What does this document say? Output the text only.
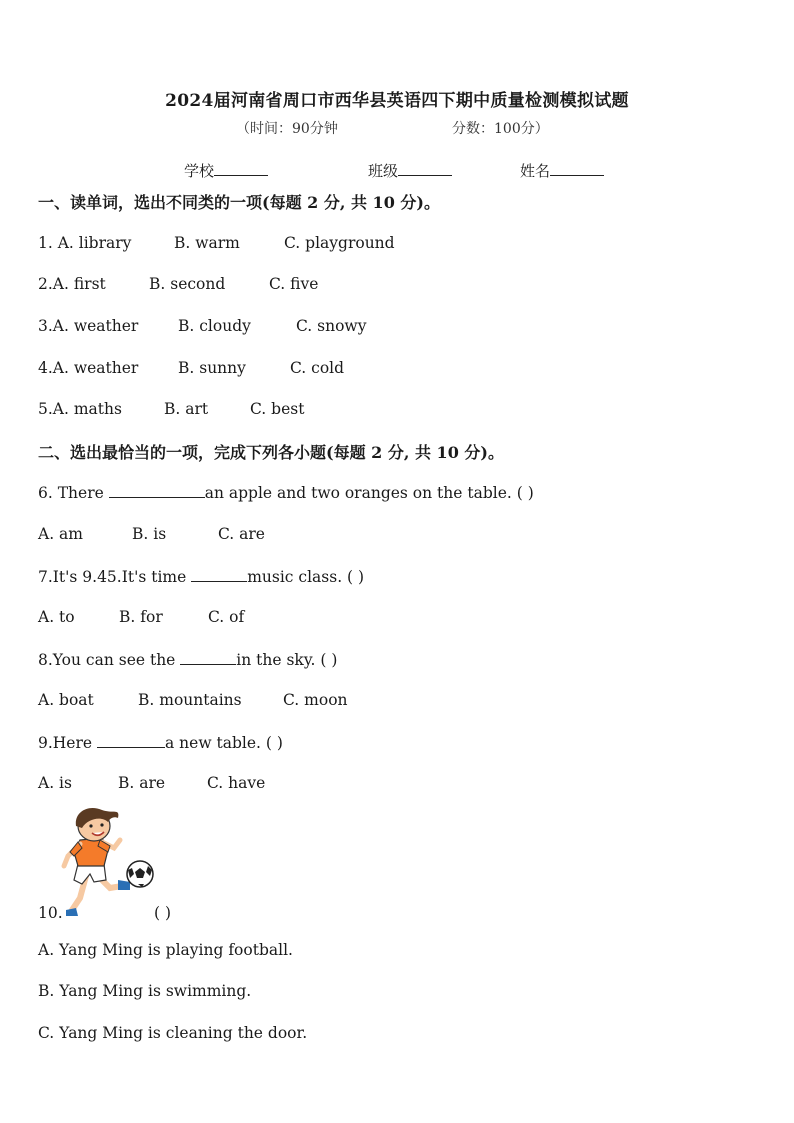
2024届河南省周口市西华县英语四下期中质量检测模拟试题
（时间：90分钟	分数：100分）
学校	班级	姓名
一、读单词，选出不同类的一项(每题 2 分, 共 10 分)。
1. A. library	B. warm	C. playground
2.A. first	B. second	C. five
3.A. weather	B. cloudy	C. snowy
4.A. weather	B. sunny	C. cold
5.A. maths	B. art	C. best
二、选出最恰当的一项，完成下列各小题(每题 2 分, 共 10 分)。
6. There	an apple and two oranges on the table. ( )
A. am	B. is	C. are
7.It's 9.45.It's time	music class. ( )
A. to	B. for	C. of
8.You can see the	in the sky. ( )
A. boat	B. mountains	C. moon
9.Here	a new table. ( )
A. is	B. are	C. have
10.	( )
A. Yang Ming is playing football.
B. Yang Ming is swimming.
C. Yang Ming is cleaning the door.
